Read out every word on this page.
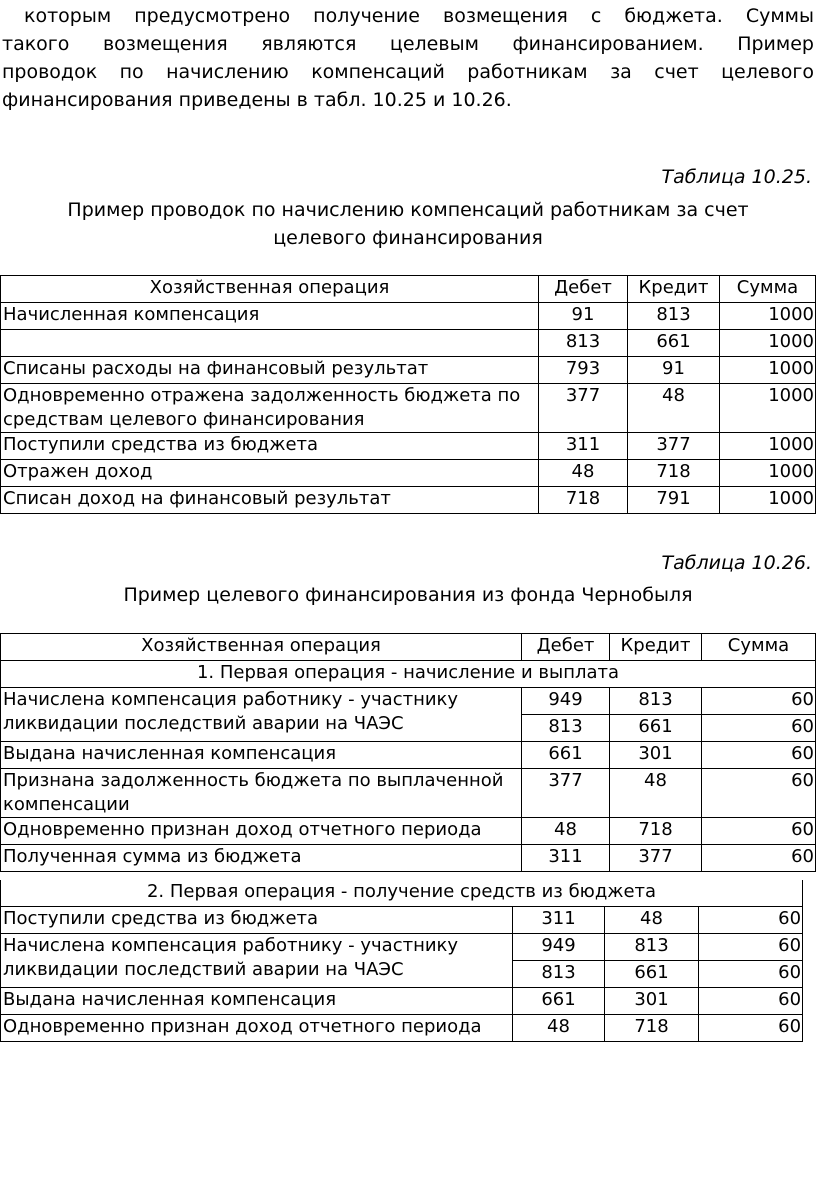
которым предусмотрено получение возмещения с бюджета. Суммы
такого возмещения являются целевым финансированием. Пример
проводок по начислению компенсаций работникам за счет целевого
финансирования приведены в табл. 10.25 и 10.26.
Таблица 10.25.
Пример проводок по начислению компенсаций работникам за счет
целевого финансирования
Хозяйственная операция	Дебет	Кредит	Сумма
Начисленная компенсация	91	813	1000
	813	661	1000
Списаны расходы на финансовый результат	793	91	1000
Одновременно отражена задолженность бюджета по средствам целевого финансирования	377	48	1000
Поступили средства из бюджета	311	377	1000
Отражен доход	48	718	1000
Списан доход на финансовый результат	718	791	1000
Таблица 10.26.
Пример целевого финансирования из фонда Чернобыля
Хозяйственная операция	Дебет	Кредит	Сумма
1. Первая операция - начисление и выплата			
Начислена компенсация работнику - участнику ликвидации последствий аварии на ЧАЭС	949	813	60
	813	661	60
Выдана начисленная компенсация	661	301	60
Признана задолженность бюджета по выплаченной компенсации	377	48	60
Одновременно признан доход отчетного периода	48	718	60
Полученная сумма из бюджета	311	377	60
2. Первая операция - получение средств из бюджета			
Поступили средства из бюджета	311	48	60
Начислена компенсация работнику - участнику ликвидации последствий аварии на ЧАЭС	949	813	60
	813	661	60
Выдана начисленная компенсация	661	301	60
Одновременно признан доход отчетного периода	48	718	60
